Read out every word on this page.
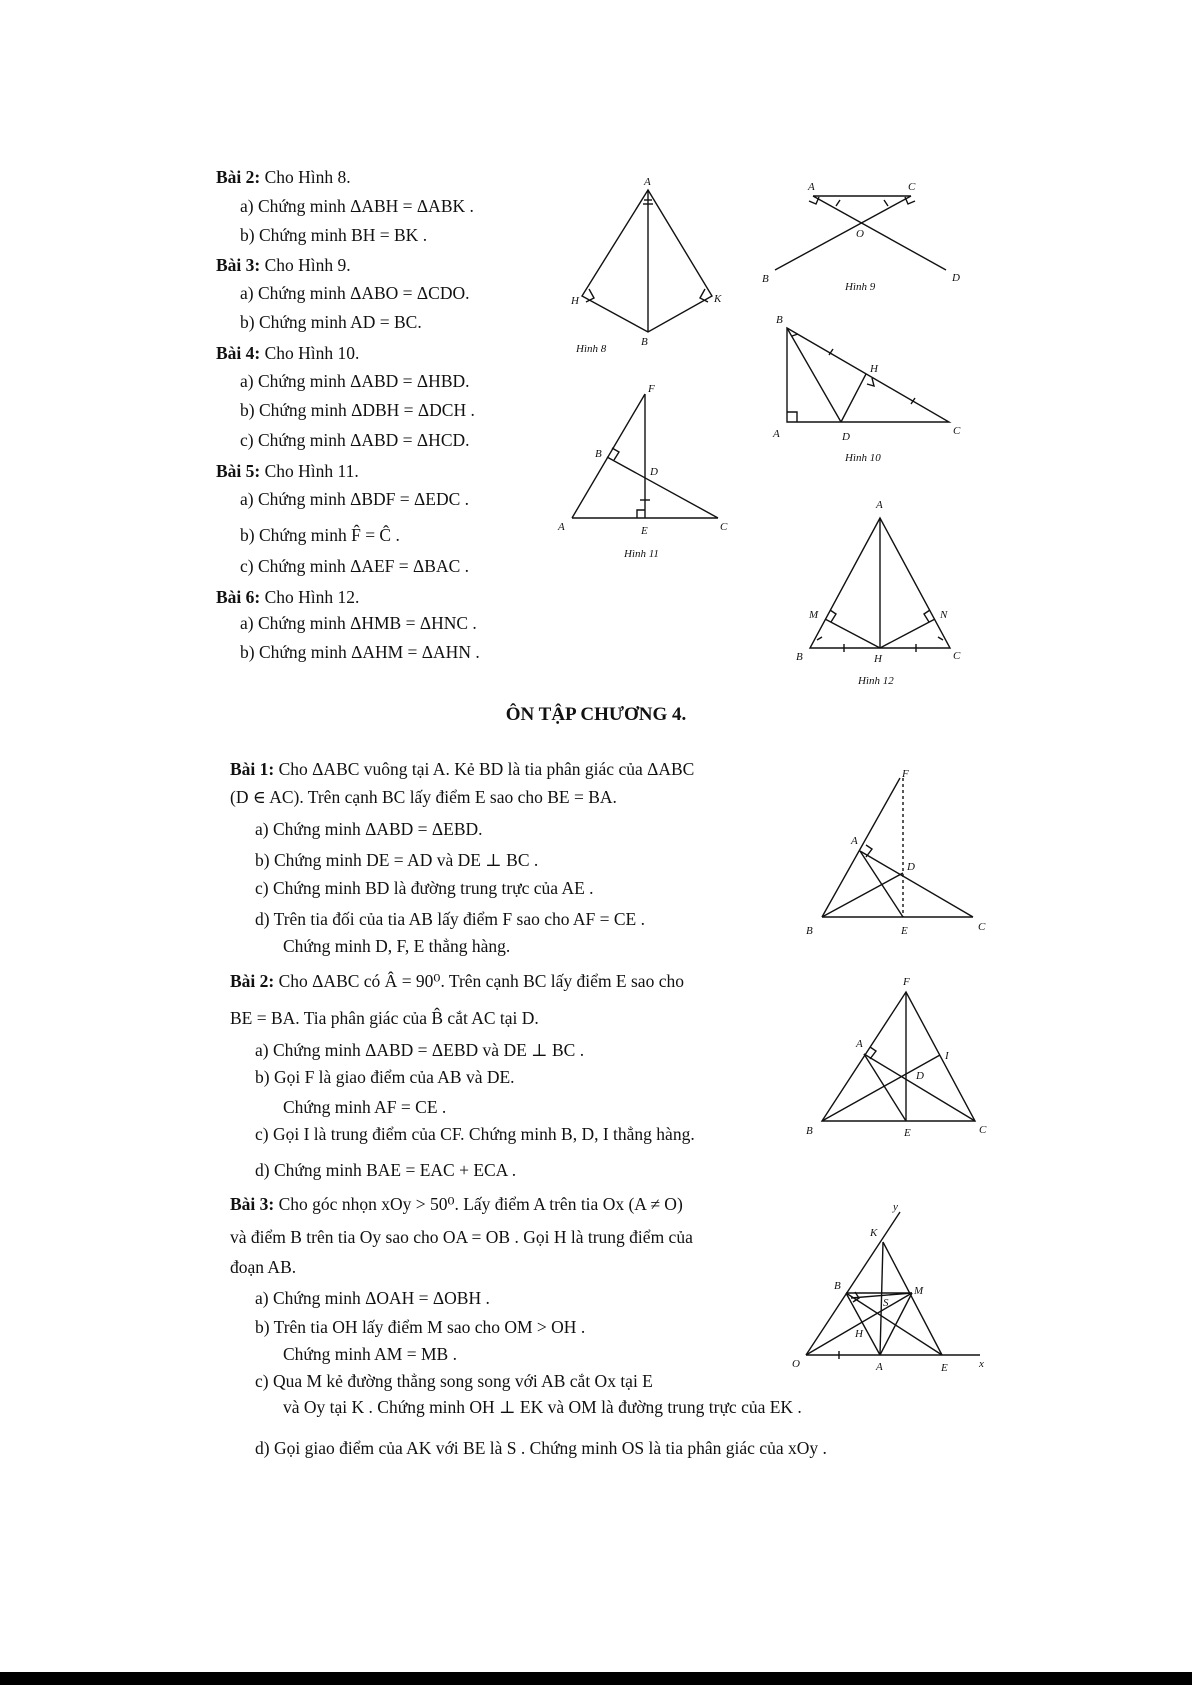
Bài 2: Cho Hình 8.
a) Chứng minh ΔABH = ΔABK .
b) Chứng minh BH = BK .
Bài 3: Cho Hình 9.
a) Chứng minh ΔABO = ΔCDO.
b) Chứng minh AD = BC.
Bài 4: Cho Hình 10.
a) Chứng minh ΔABD = ΔHBD.
b) Chứng minh ΔDBH = ΔDCH .
c) Chứng minh ΔABD = ΔHCD.
Bài 5: Cho Hình 11.
a) Chứng minh ΔBDF = ΔEDC .
b) Chứng minh F̂ = Ĉ .
c) Chứng minh ΔAEF = ΔBAC .
Bài 6: Cho Hình 12.
a) Chứng minh ΔHMB = ΔHNC .
b) Chứng minh ΔAHM = ΔAHN .
A
H	K
B
Hình 8
A	C
O
B	D
Hình 9
B
H
A	D	C
Hình 10
F
B
D
A	E	C
Hình 11
A
M	N
B	H	C
Hình 12
ÔN TẬP CHƯƠNG 4.
Bài 1: Cho ΔABC vuông tại A. Kẻ BD là tia phân giác của ΔABC
(D ∈ AC). Trên cạnh BC lấy điểm E sao cho BE = BA.
a) Chứng minh ΔABD = ΔEBD.
b) Chứng minh DE = AD và DE ⊥ BC .
c) Chứng minh BD là đường trung trực của AE .
d) Trên tia đối của tia AB lấy điểm F sao cho AF = CE .
Chứng minh D, F, E thẳng hàng.
F
A
D
B	E	C
Bài 2: Cho ΔABC có Â = 90⁰. Trên cạnh BC lấy điểm E sao cho
BE = BA. Tia phân giác của B̂ cắt AC tại D.
a) Chứng minh ΔABD = ΔEBD và DE ⊥ BC .
b) Gọi F là giao điểm của AB và DE.
Chứng minh AF = CE .
c) Gọi I là trung điểm của CF. Chứng minh B, D, I thẳng hàng.
d) Chứng minh BAE = EAC + ECA .
F
A
I
D
B	E	C
Bài 3: Cho góc nhọn xOy > 50⁰. Lấy điểm A trên tia Ox (A ≠ O)
và điểm B trên tia Oy sao cho OA = OB . Gọi H là trung điểm của
đoạn AB.
a) Chứng minh ΔOAH = ΔOBH .
b) Trên tia OH lấy điểm M sao cho OM > OH .
Chứng minh AM = MB .
c) Qua M kẻ đường thẳng song song với AB cắt Ox tại E
và Oy tại K . Chứng minh OH ⊥ EK và OM là đường trung trực của EK .
d) Gọi giao điểm của AK với BE là S . Chứng minh OS là tia phân giác của xOy .
y
K
B	M
S
H
O	A	E	x
